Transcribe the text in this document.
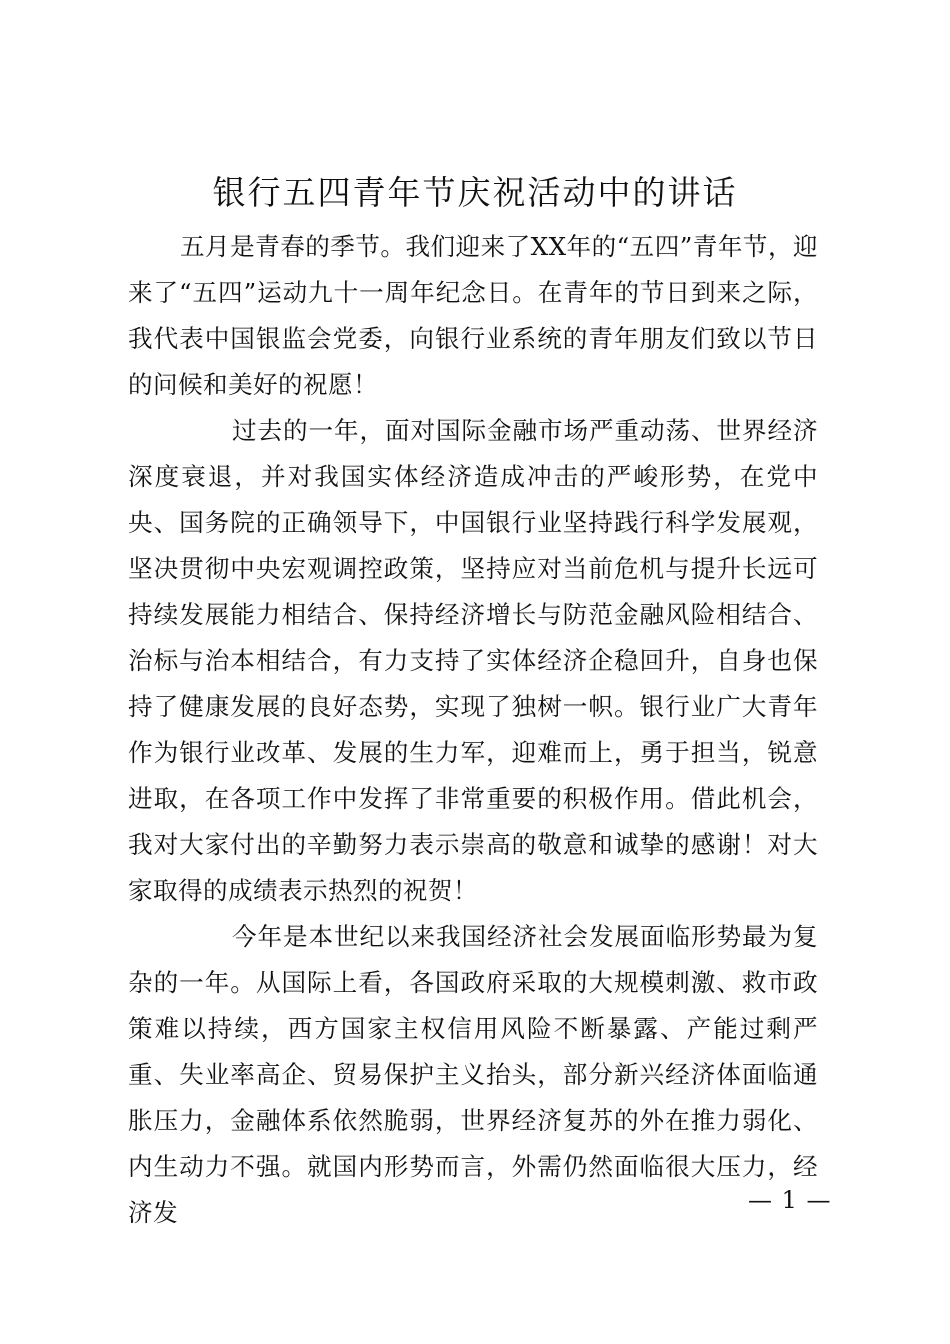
银行五四青年节庆祝活动中的讲话

五月是青春的季节。我们迎来了XX年的“五四”青年节，迎来了“五四”运动九十一周年纪念日。在青年的节日到来之际，我代表中国银监会党委，向银行业系统的青年朋友们致以节日的问候和美好的祝愿！

过去的一年，面对国际金融市场严重动荡、世界经济深度衰退，并对我国实体经济造成冲击的严峻形势，在党中央、国务院的正确领导下，中国银行业坚持践行科学发展观，坚决贯彻中央宏观调控政策，坚持应对当前危机与提升长远可持续发展能力相结合、保持经济增长与防范金融风险相结合、治标与治本相结合，有力支持了实体经济企稳回升，自身也保持了健康发展的良好态势，实现了独树一帜。银行业广大青年作为银行业改革、发展的生力军，迎难而上，勇于担当，锐意进取，在各项工作中发挥了非常重要的积极作用。借此机会，我对大家付出的辛勤努力表示崇高的敬意和诚挚的感谢！对大家取得的成绩表示热烈的祝贺！

今年是本世纪以来我国经济社会发展面临形势最为复杂的一年。从国际上看，各国政府采取的大规模刺激、救市政策难以持续，西方国家主权信用风险不断暴露、产能过剩严重、失业率高企、贸易保护主义抬头，部分新兴经济体面临通胀压力，金融体系依然脆弱，世界经济复苏的外在推力弱化、内生动力不强。就国内形势而言，外需仍然面临很大压力，经济发	— 1 —
